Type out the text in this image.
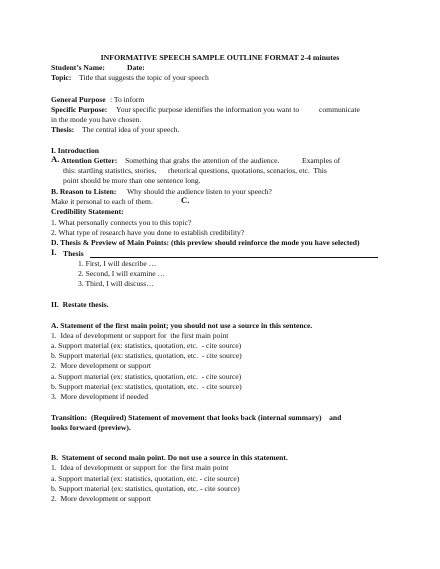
INFORMATIVE SPEECH SAMPLE OUTLINE FORMAT 2-4 minutes
Student’s Name:	Date:
Topic: Title that suggests the topic of your speech
General Purpose : To inform
Specific Purpose: Your specific purpose identifies the information you want to	communicate
in the mode you have chosen.
Thesis: The central idea of your speech.
I. Introduction
A. Attention Getter: Something that grabs the attention of the audience.	Examples of
this: startling statistics, stories, rhetorical questions, quotations, scenarios, etc.  This
point should be more than one sentence long.
B. Reason to Listen: Why should the audience listen to your speech?
Make it personal to each of them.	C.
Credibility Statement:
1. What personally connects you to this topic?
2. What type of research have you done to establish credibility?
D. Thesis & Preview of Main Points: (this preview should reinforce the mode you have selected)
I. Thesis
1. First, I will describe …
2. Second, I will examine …
3. Third, I will discuss…
II.  Restate thesis.
A. Statement of the first main point; you should not use a source in this sentence.
1.  Idea of development or support for  the first main point
a. Support material (ex: statistics, quotation, etc.  - cite source)
b. Support material (ex: statistics, quotation, etc.  - cite source)
2.  More development or support
a. Support material (ex: statistics, quotation, etc.  - cite source)
b. Support material (ex: statistics, quotation, etc.  - cite source)
3.  More development if needed
Transition:  (Required) Statement of movement that looks back (internal summary)    and
looks forward (preview).
B.  Statement of second main point. Do not use a source in this statement.
1.  Idea of development or support for  the first main point
a. Support material (ex: statistics, quotation, etc. - cite source)
b. Support material (ex: statistics, quotation, etc. - cite source)
2.  More development or support
